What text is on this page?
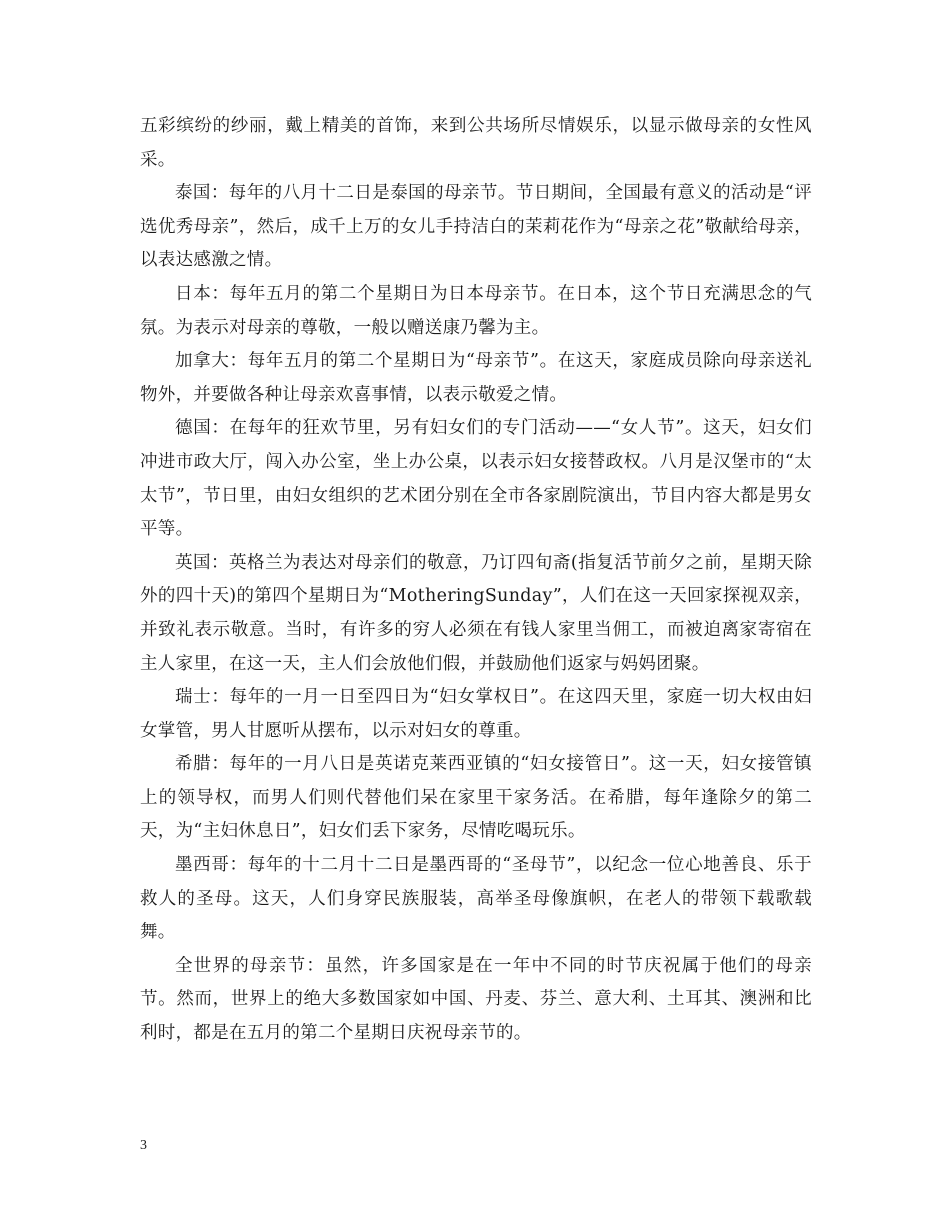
五彩缤纷的纱丽，戴上精美的首饰，来到公共场所尽情娱乐，以显示做母亲的女性风采。

泰国：每年的八月十二日是泰国的母亲节。节日期间，全国最有意义的活动是“评选优秀母亲”，然后，成千上万的女儿手持洁白的茉莉花作为“母亲之花”敬献给母亲，以表达感激之情。

日本：每年五月的第二个星期日为日本母亲节。在日本，这个节日充满思念的气氛。为表示对母亲的尊敬，一般以赠送康乃馨为主。

加拿大：每年五月的第二个星期日为“母亲节”。在这天，家庭成员除向母亲送礼物外，并要做各种让母亲欢喜事情，以表示敬爱之情。

德国：在每年的狂欢节里，另有妇女们的专门活动——“女人节”。这天，妇女们冲进市政大厅，闯入办公室，坐上办公桌，以表示妇女接替政权。八月是汉堡市的“太太节”，节日里，由妇女组织的艺术团分别在全市各家剧院演出，节目内容大都是男女平等。

英国：英格兰为表达对母亲们的敬意，乃订四旬斋(指复活节前夕之前，星期天除外的四十天)的第四个星期日为“MotheringSunday”，人们在这一天回家探视双亲，并致礼表示敬意。当时，有许多的穷人必须在有钱人家里当佣工，而被迫离家寄宿在主人家里，在这一天，主人们会放他们假，并鼓励他们返家与妈妈团聚。

瑞士：每年的一月一日至四日为“妇女掌权日”。在这四天里，家庭一切大权由妇女掌管，男人甘愿听从摆布，以示对妇女的尊重。

希腊：每年的一月八日是英诺克莱西亚镇的“妇女接管日”。这一天，妇女接管镇上的领导权，而男人们则代替他们呆在家里干家务活。在希腊，每年逢除夕的第二天，为“主妇休息日”，妇女们丢下家务，尽情吃喝玩乐。

墨西哥：每年的十二月十二日是墨西哥的“圣母节”，以纪念一位心地善良、乐于救人的圣母。这天，人们身穿民族服装，高举圣母像旗帜，在老人的带领下载歌载舞。

全世界的母亲节：虽然，许多国家是在一年中不同的时节庆祝属于他们的母亲节。然而，世界上的绝大多数国家如中国、丹麦、芬兰、意大利、土耳其、澳洲和比利时，都是在五月的第二个星期日庆祝母亲节的。

3
